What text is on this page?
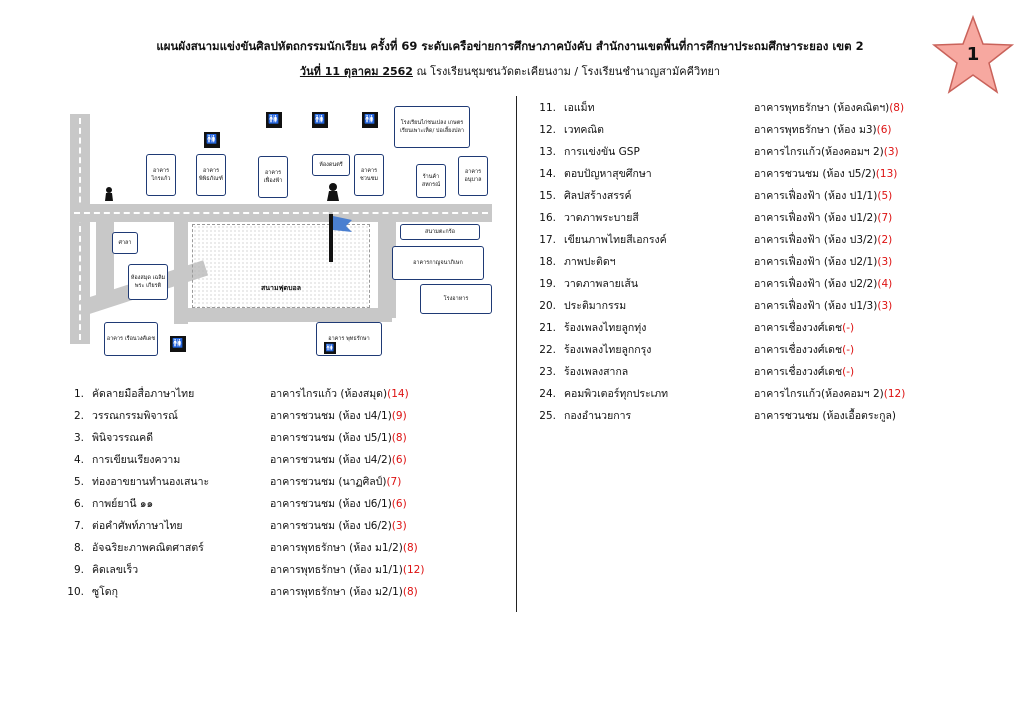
แผนผังสนามแข่งขันศิลปหัตถกรรมนักเรียน ครั้งที่ 69 ระดับเครือข่ายการศึกษาภาคบังคับ สำนักงานเขตพื้นที่การศึกษาประถมศึกษาระยอง เขต 2
วันที่ 11 ตุลาคม 2562 ณ โรงเรียนชุมชนวัดตะเคียนงาม / โรงเรียนชำนาญสามัคคีวิทยา
1
สนามฟุตบอล
อาคาร ไกรแก้ว
อาคาร พิพิธภัณฑ์
อาคาร เฟื่องฟ้า
ห้องดนตรี
อาคาร ชวนชม
โรงเรียนไก่ชนเปลง เกษตรเรียนเพาะเห็ด/ บ่อเลี้ยงปลา
ร้านค้า สหกรณ์
อาคาร อนุบาล
ศาลา
ห้องสมุด เฉลิมพระ เกียรติ
สนามตะกร้อ
อาคารกาญจนาภิเษก
โรงอาหาร
อาคาร เรือนวงศ์เดช	อาคาร พุทธรักษา
🚻
🚻	🚻	🚻
🚻	🚻
1. คัดลายมือสื่อภาษาไทย	อาคารไกรแก้ว (ห้องสมุด)(14)
2. วรรณกรรมพิจารณ์	อาคารชวนชม (ห้อง ป4/1)(9)
3. พินิจวรรณคดี	อาคารชวนชม (ห้อง ป5/1)(8)
4. การเขียนเรียงความ	อาคารชวนชม (ห้อง ป4/2)(6)
5. ท่องอาขยานทำนองเสนาะ	อาคารชวนชม (นาฏศิลป์)(7)
6. กาพย์ยานี ๑๑	อาคารชวนชม (ห้อง ป6/1)(6)
7. ต่อคำศัพท์ภาษาไทย	อาคารชวนชม (ห้อง ป6/2)(3)
8. อัจฉริยะภาพคณิตศาสตร์	อาคารพุทธรักษา (ห้อง ม1/2)(8)
9. คิดเลขเร็ว	อาคารพุทธรักษา (ห้อง ม1/1)(12)
10. ซูโดกุ	อาคารพุทธรักษา (ห้อง ม2/1)(8)
11. เอแม็ท	อาคารพุทธรักษา (ห้องคณิตฯ)(8)
12. เวทคณิต	อาคารพุทธรักษา (ห้อง ม3)(6)
13. การแข่งขัน GSP	อาคารไกรแก้ว(ห้องคอมฯ 2)(3)
14. ตอบปัญหาสุขศึกษา	อาคารชวนชม (ห้อง ป5/2)(13)
15. ศิลปสร้างสรรค์	อาคารเฟื่องฟ้า (ห้อง ป1/1)(5)
16. วาดภาพระบายสี	อาคารเฟื่องฟ้า (ห้อง ป1/2)(7)
17. เขียนภาพไทยสีเอกรงค์	อาคารเฟื่องฟ้า (ห้อง ป3/2)(2)
18. ภาพปะติดฯ	อาคารเฟื่องฟ้า (ห้อง ป2/1)(3)
19. วาดภาพลายเส้น	อาคารเฟื่องฟ้า (ห้อง ป2/2)(4)
20. ประติมากรรม	อาคารเฟื่องฟ้า (ห้อง ป1/3)(3)
21. ร้องเพลงไทยลูกทุ่ง	อาคารเชื่องวงศ์เดช(-)
22. ร้องเพลงไทยลูกกรุง	อาคารเชื่องวงศ์เดช(-)
23. ร้องเพลงสากล	อาคารเชื่องวงศ์เดช(-)
24. คอมพิวเตอร์ทุกประเภท	อาคารไกรแก้ว(ห้องคอมฯ 2)(12)
25. กองอำนวยการ	อาคารชวนชม (ห้องเอื้อตระกูล)
